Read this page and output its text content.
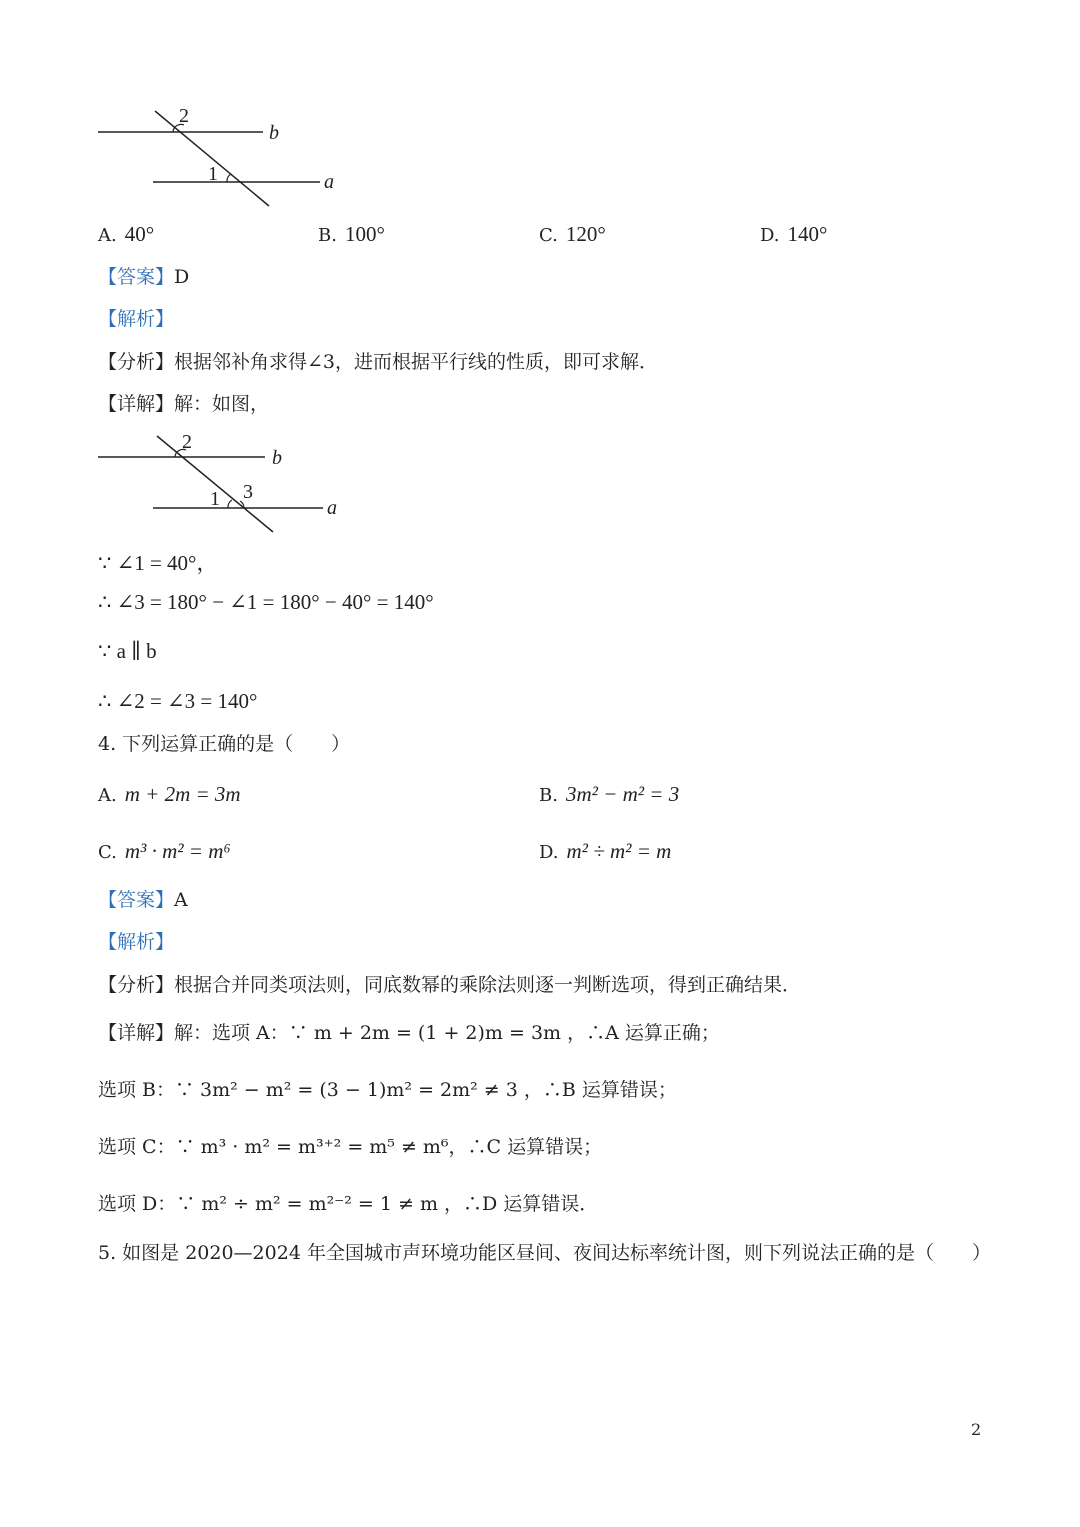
2
1
b
a
A. 40°	B. 100°	C. 120°	D. 140°
【答案】D
【解析】
【分析】根据邻补角求得∠3，进而根据平行线的性质，即可求解．
【详解】解：如图，
2
1 3
b
a
∵ ∠1 = 40°，
∴ ∠3 = 180° − ∠1 = 180° − 40° = 140°
∵ a ∥ b
∴ ∠2 = ∠3 = 140°
4. 下列运算正确的是（　　）
A. m + 2m = 3m	B. 3m² − m² = 3
C. m³ · m² = m⁶	D. m² ÷ m² = m
【答案】A
【解析】
【分析】根据合并同类项法则，同底数幂的乘除法则逐一判断选项，得到正确结果．
【详解】解：选项 A：∵ m + 2m = (1 + 2)m = 3m ，∴A 运算正确；
选项 B：∵ 3m² − m² = (3 − 1)m² = 2m² ≠ 3 ，∴B 运算错误；
选项 C：∵ m³ · m² = m³⁺² = m⁵ ≠ m⁶，∴C 运算错误；
选项 D：∵ m² ÷ m² = m²⁻² = 1 ≠ m ，∴D 运算错误．
5. 如图是 2020—2024 年全国城市声环境功能区昼间、夜间达标率统计图，则下列说法正确的是（　　）
2
